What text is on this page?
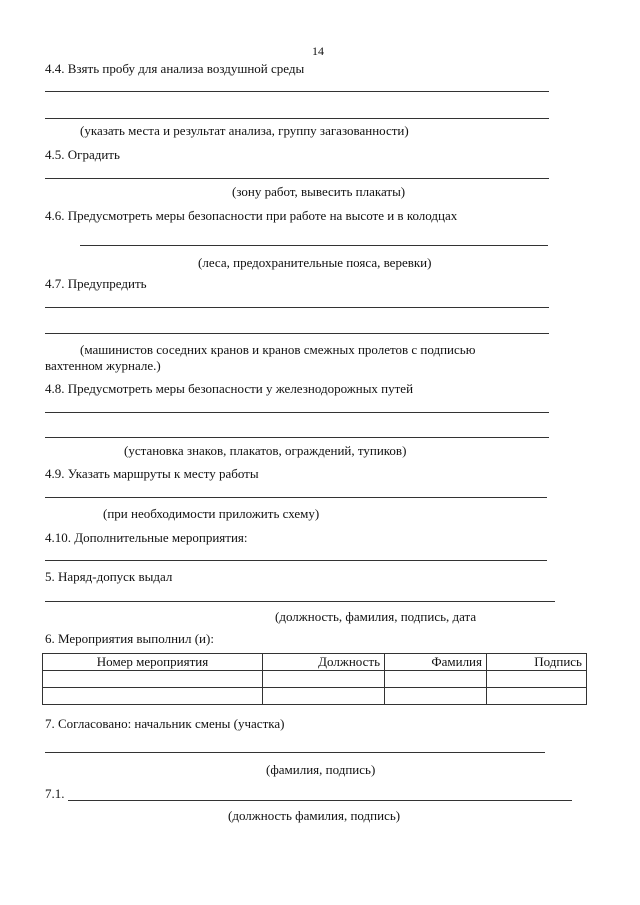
14
4.4. Взять пробу для анализа воздушной среды
(указать места и результат анализа, группу загазованности)
4.5. Оградить
(зону работ, вывесить плакаты)
4.6. Предусмотреть меры безопасности при работе на высоте и в колодцах
(леса, предохранительные пояса, веревки)
4.7. Предупредить
(машинистов соседних кранов и кранов смежных пролетов с подписью
вахтенном журнале.)
4.8. Предусмотреть меры безопасности у железнодорожных путей
(установка знаков, плакатов, ограждений, тупиков)
4.9. Указать маршруты к месту работы
(при необходимости приложить схему)
4.10. Дополнительные мероприятия:
5. Наряд-допуск выдал
(должность, фамилия, подпись, дата
6. Мероприятия выполнил (и):
Номер мероприятия	Должность	Фамилия	Подпись

7. Согласовано: начальник смены (участка)
(фамилия, подпись)
7.1.
(должность фамилия, подпись)
